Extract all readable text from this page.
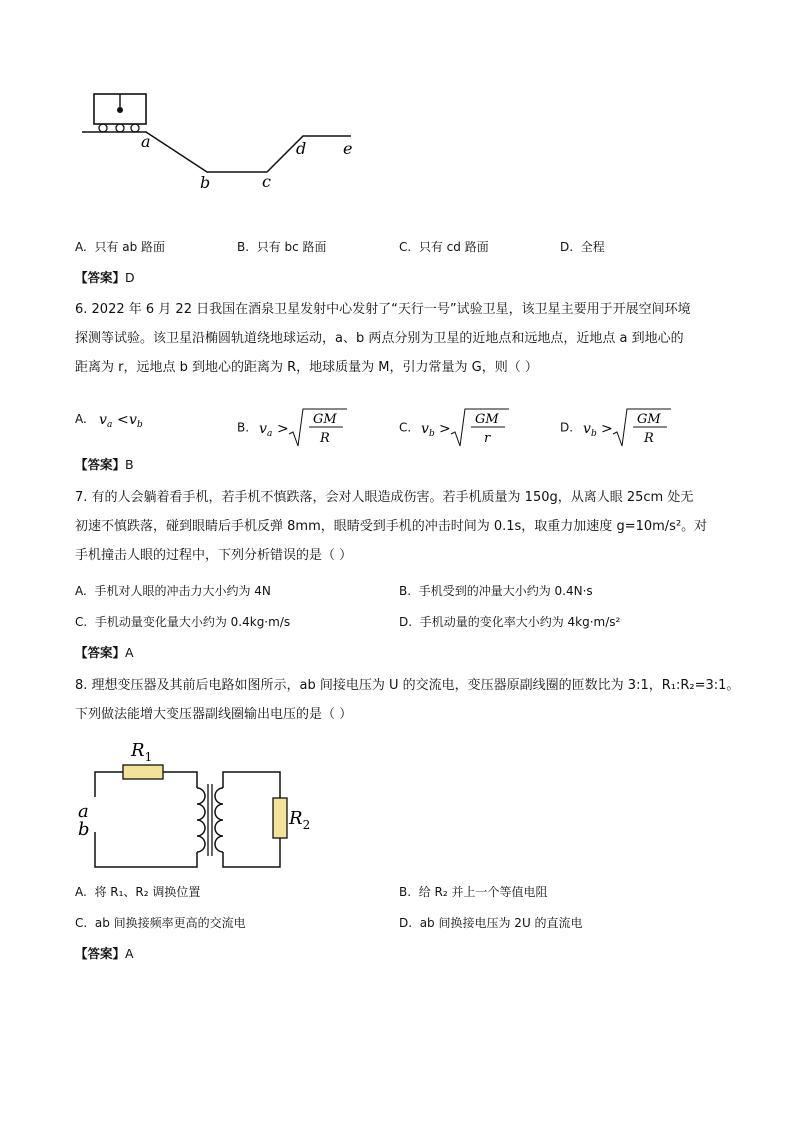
a
b	c
d e
A. 只有 ab 路面	B. 只有 bc 路面	C. 只有 cd 路面	D. 全程
【答案】D
6. 2022 年 6 月 22 日我国在酒泉卫星发射中心发射了“天行一号”试验卫星，该卫星主要用于开展空间环境
探测等试验。该卫星沿椭圆轨道绕地球运动，a、b 两点分别为卫星的近地点和远地点，近地点 a 到地心的
距离为 r，远地点 b 到地心的距离为 R，地球质量为 M，引力常量为 G，则（ ）
A. v a < v b	B. v a >
GM
R
C. v b >
GM
r
D. v b >
GM
R
【答案】B
7. 有的人会躺着看手机，若手机不慎跌落，会对人眼造成伤害。若手机质量为 150g，从离人眼 25cm 处无
初速不慎跌落，碰到眼睛后手机反弹 8mm，眼睛受到手机的冲击时间为 0.1s，取重力加速度 g=10m/s²。对
手机撞击人眼的过程中，下列分析错误的是（ ）
A. 手机对人眼的冲击力大小约为 4N	B. 手机受到的冲量大小约为 0.4N·s
C. 手机动量变化量大小约为 0.4kg·m/s	D. 手机动量的变化率大小约为 4kg·m/s²
【答案】A
8. 理想变压器及其前后电路如图所示，ab 间接电压为 U 的交流电，变压器原副线圈的匝数比为 3:1，R₁:R₂=3:1。
下列做法能增大变压器副线圈输出电压的是（ ）
$R_1$
$R_2$
a
b
A. 将 R₁、R₂ 调换位置	B. 给 R₂ 并上一个等值电阻
C. ab 间换接频率更高的交流电	D. ab 间换接电压为 2U 的直流电
【答案】A
